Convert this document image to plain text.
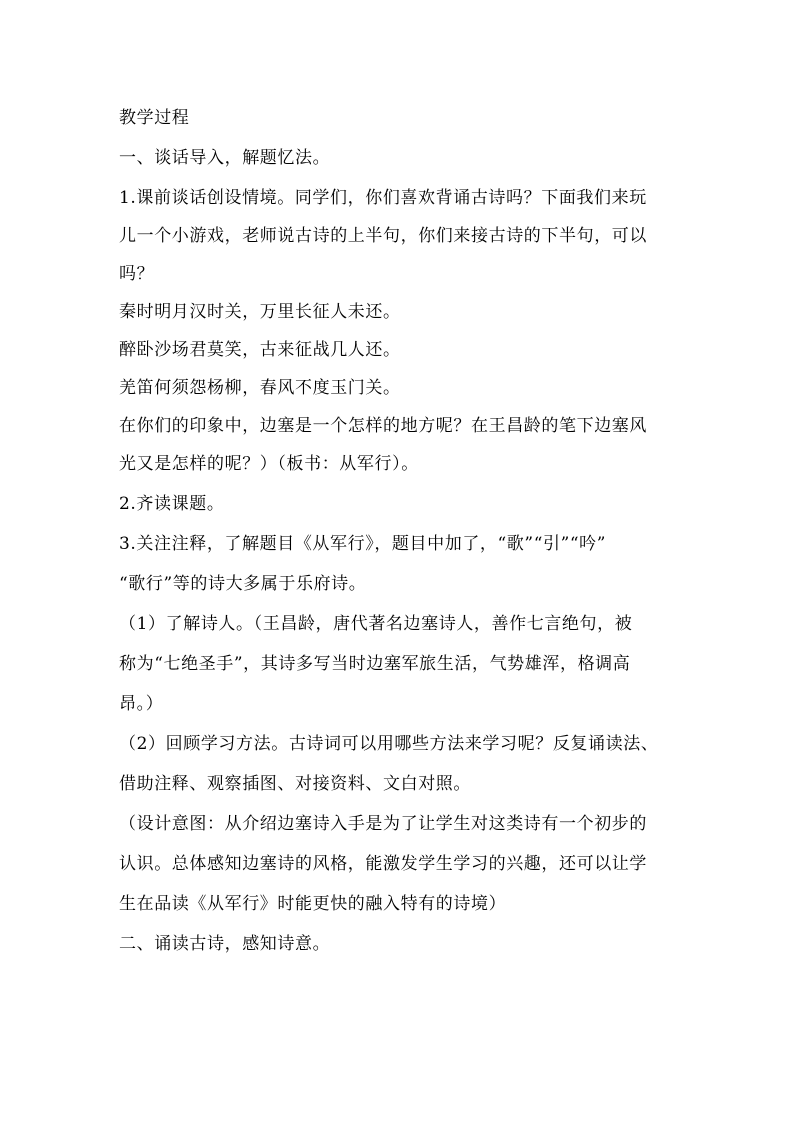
教学过程
一、谈话导入，解题忆法。
1.课前谈话创设情境。同学们，你们喜欢背诵古诗吗？下面我们来玩
儿一个小游戏，老师说古诗的上半句，你们来接古诗的下半句，可以
吗？
秦时明月汉时关，万里长征人未还。
醉卧沙场君莫笑，古来征战几人还。
羌笛何须怨杨柳，春风不度玉门关。
在你们的印象中，边塞是一个怎样的地方呢？在王昌龄的笔下边塞风
光又是怎样的呢？）（板书：从军行）。
2.齐读课题。
3.关注注释，了解题目《从军行》，题目中加了，“歌”“引”“吟”
“歌行”等的诗大多属于乐府诗。
（1）了解诗人。（王昌龄，唐代著名边塞诗人，善作七言绝句，被
称为“七绝圣手”，其诗多写当时边塞军旅生活，气势雄浑，格调高
昂。）
（2）回顾学习方法。古诗词可以用哪些方法来学习呢？反复诵读法、
借助注释、观察插图、对接资料、文白对照。
（设计意图：从介绍边塞诗入手是为了让学生对这类诗有一个初步的
认识。总体感知边塞诗的风格，能激发学生学习的兴趣，还可以让学
生在品读《从军行》时能更快的融入特有的诗境）
二、诵读古诗，感知诗意。
